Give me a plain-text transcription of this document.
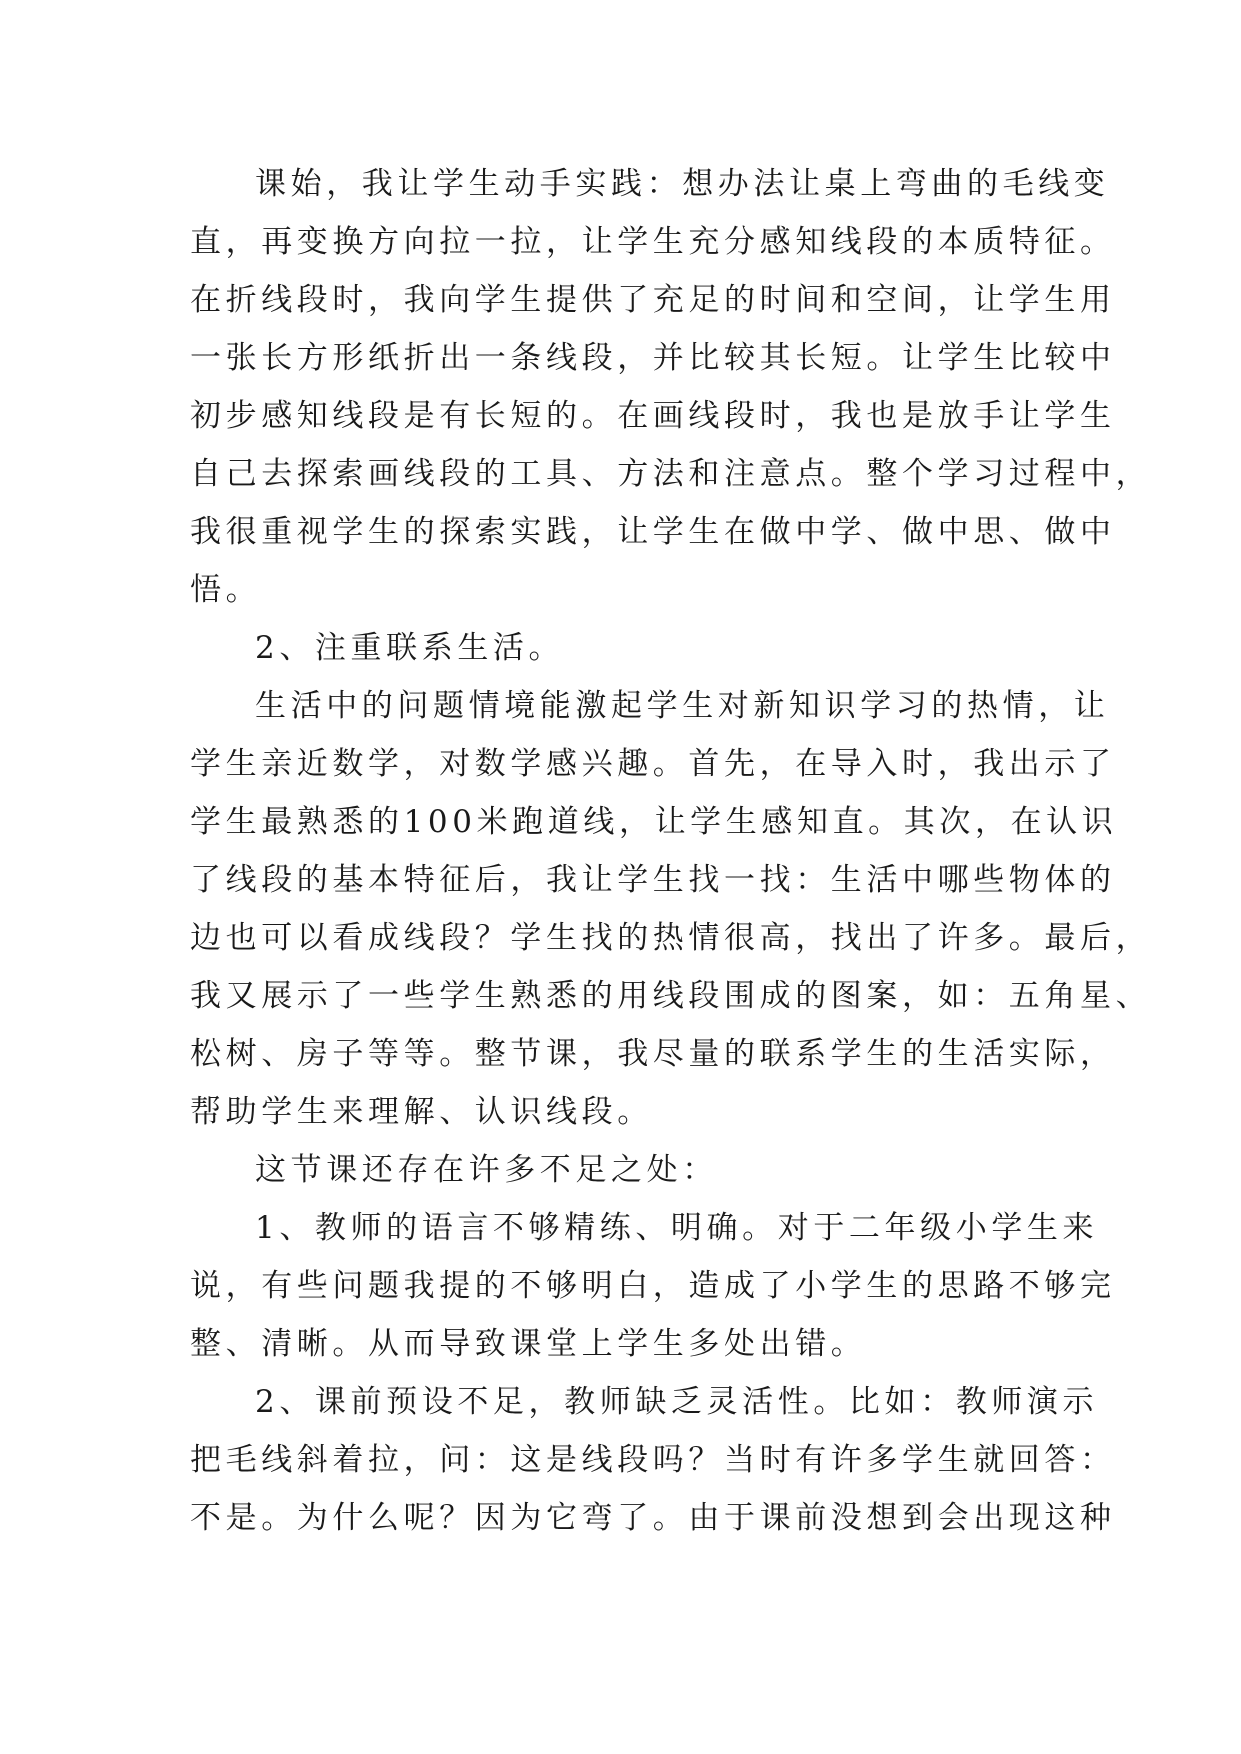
课始，我让学生动手实践：想办法让桌上弯曲的毛线变
直，再变换方向拉一拉，让学生充分感知线段的本质特征。
在折线段时，我向学生提供了充足的时间和空间，让学生用
一张长方形纸折出一条线段，并比较其长短。让学生比较中
初步感知线段是有长短的。在画线段时，我也是放手让学生
自己去探索画线段的工具、方法和注意点。整个学习过程中，
我很重视学生的探索实践，让学生在做中学、做中思、做中
悟。
2、注重联系生活。
生活中的问题情境能激起学生对新知识学习的热情，让
学生亲近数学，对数学感兴趣。首先，在导入时，我出示了
学生最熟悉的100米跑道线，让学生感知直。其次，在认识
了线段的基本特征后，我让学生找一找：生活中哪些物体的
边也可以看成线段？学生找的热情很高，找出了许多。最后，
我又展示了一些学生熟悉的用线段围成的图案，如：五角星、
松树、房子等等。整节课，我尽量的联系学生的生活实际，
帮助学生来理解、认识线段。
这节课还存在许多不足之处：
1、教师的语言不够精练、明确。对于二年级小学生来
说，有些问题我提的不够明白，造成了小学生的思路不够完
整、清晰。从而导致课堂上学生多处出错。
2、课前预设不足，教师缺乏灵活性。比如：教师演示
把毛线斜着拉，问：这是线段吗？当时有许多学生就回答：
不是。为什么呢？因为它弯了。由于课前没想到会出现这种
